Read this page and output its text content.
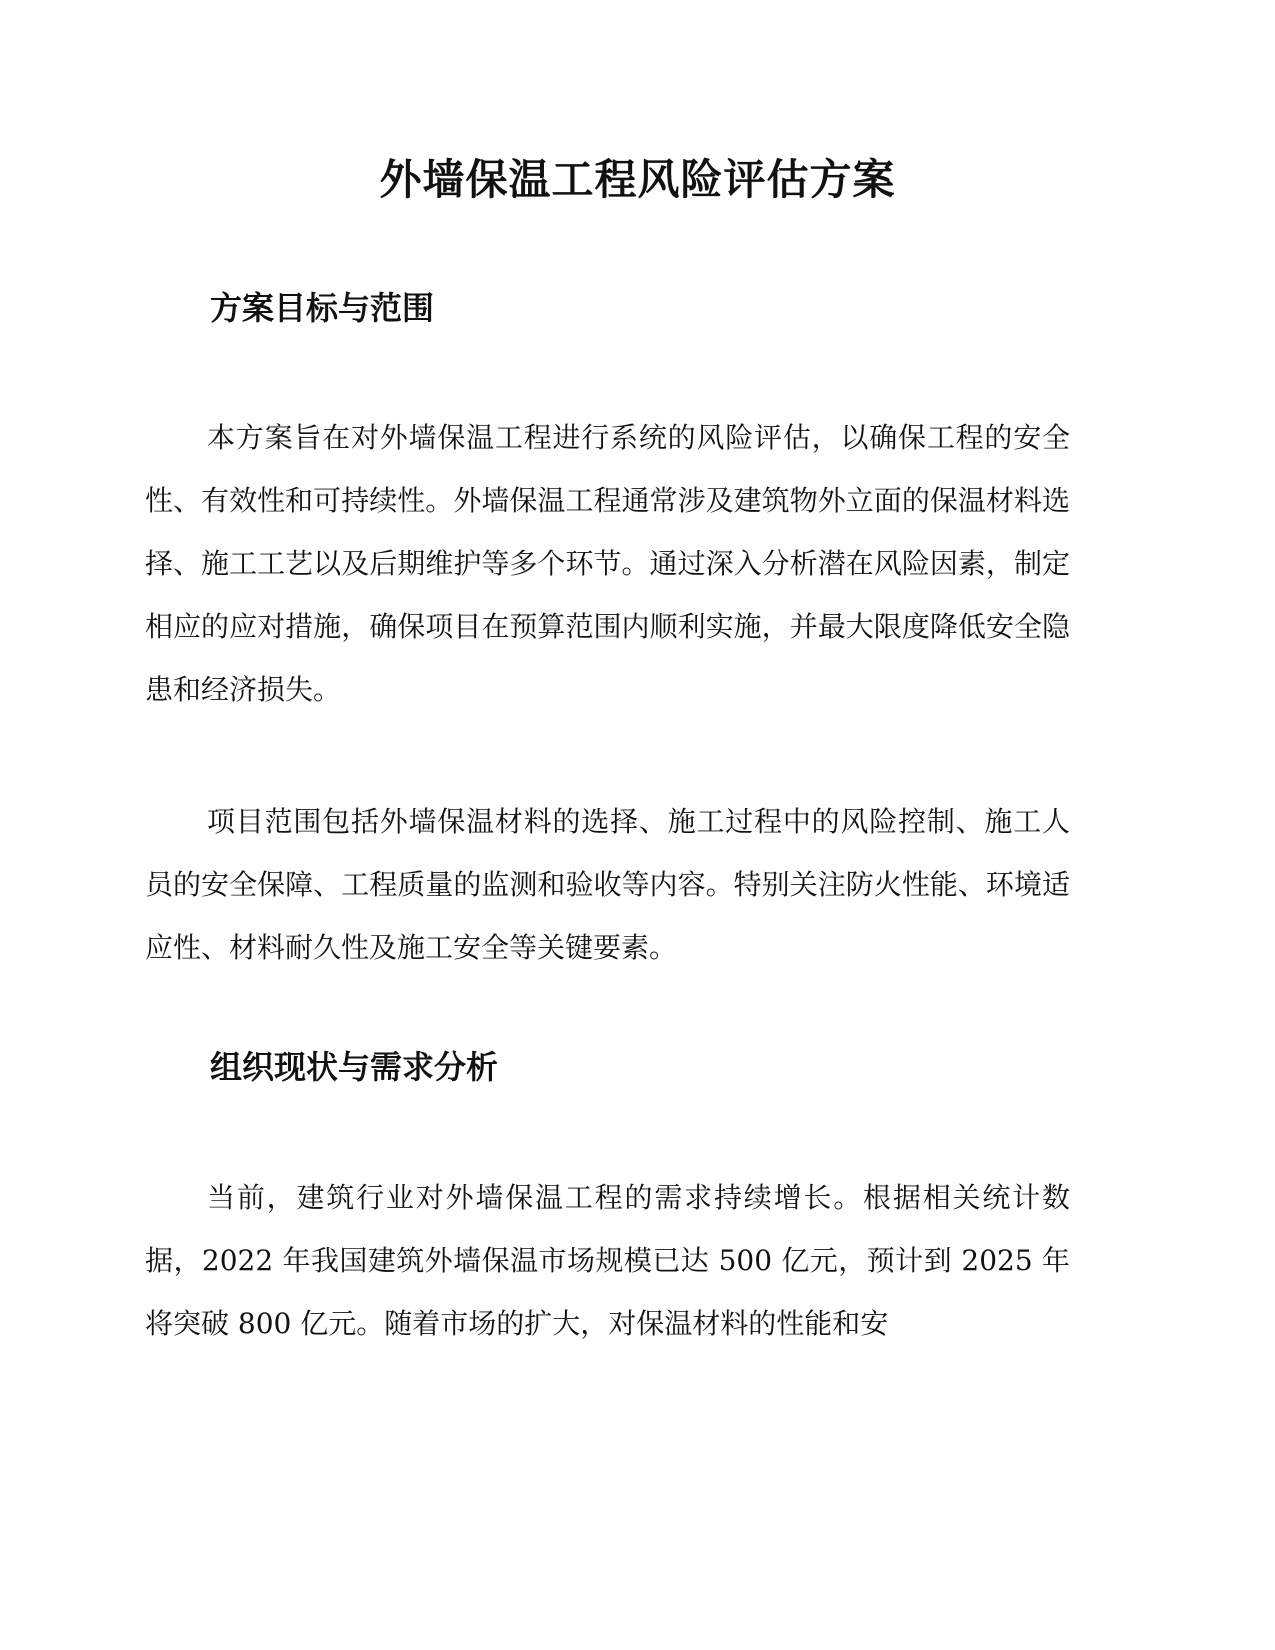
外墙保温工程风险评估方案
方案目标与范围

本方案旨在对外墙保温工程进行系统的风险评估，以确保工程的安全性、有效性和可持续性。外墙保温工程通常涉及建筑物外立面的保温材料选择、施工工艺以及后期维护等多个环节。通过深入分析潜在风险因素，制定相应的应对措施，确保项目在预算范围内顺利实施，并最大限度降低安全隐患和经济损失。

项目范围包括外墙保温材料的选择、施工过程中的风险控制、施工人员的安全保障、工程质量的监测和验收等内容。特别关注防火性能、环境适应性、材料耐久性及施工安全等关键要素。

组织现状与需求分析

当前，建筑行业对外墙保温工程的需求持续增长。根据相关统计数据，2022 年我国建筑外墙保温市场规模已达 500 亿元，预计到 2025 年将突破 800 亿元。随着市场的扩大，对保温材料的性能和安
